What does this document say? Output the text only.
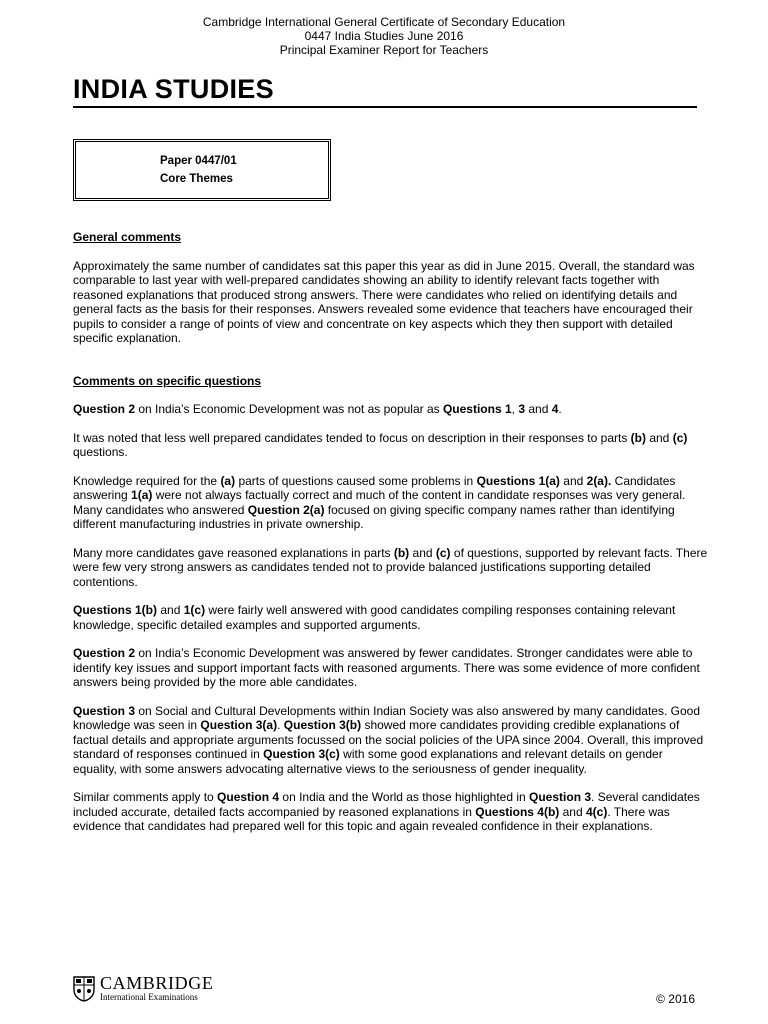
Cambridge International General Certificate of Secondary Education
0447 India Studies June 2016
Principal Examiner Report for Teachers
INDIA STUDIES
Paper 0447/01
Core Themes
General comments

Approximately the same number of candidates sat this paper this year as did in June 2015. Overall, the standard was comparable to last year with well-prepared candidates showing an ability to identify relevant facts together with reasoned explanations that produced strong answers. There were candidates who relied on identifying details and general facts as the basis for their responses. Answers revealed some evidence that teachers have encouraged their pupils to consider a range of points of view and concentrate on key aspects which they then support with detailed specific explanation.

Comments on specific questions

Question 2 on India’s Economic Development was not as popular as Questions 1, 3 and 4.

It was noted that less well prepared candidates tended to focus on description in their responses to parts (b) and (c) questions.

Knowledge required for the (a) parts of questions caused some problems in Questions 1(a) and 2(a). Candidates answering 1(a) were not always factually correct and much of the content in candidate responses was very general. Many candidates who answered Question 2(a) focused on giving specific company names rather than identifying different manufacturing industries in private ownership.

Many more candidates gave reasoned explanations in parts (b) and (c) of questions, supported by relevant facts. There were few very strong answers as candidates tended not to provide balanced justifications supporting detailed contentions.

Questions 1(b) and 1(c) were fairly well answered with good candidates compiling responses containing relevant knowledge, specific detailed examples and supported arguments.

Question 2 on India’s Economic Development was answered by fewer candidates. Stronger candidates were able to identify key issues and support important facts with reasoned arguments. There was some evidence of more confident answers being provided by the more able candidates.

Question 3 on Social and Cultural Developments within Indian Society was also answered by many candidates. Good knowledge was seen in Question 3(a). Question 3(b) showed more candidates providing credible explanations of factual details and appropriate arguments focussed on the social policies of the UPA since 2004. Overall, this improved standard of responses continued in Question 3(c) with some good explanations and relevant details on gender equality, with some answers advocating alternative views to the seriousness of gender inequality.

Similar comments apply to Question 4 on India and the World as those highlighted in Question 3. Several candidates included accurate, detailed facts accompanied by reasoned explanations in Questions 4(b) and 4(c). There was evidence that candidates had prepared well for this topic and again revealed confidence in their explanations.

CAMBRIDGE
International Examinations	© 2016
